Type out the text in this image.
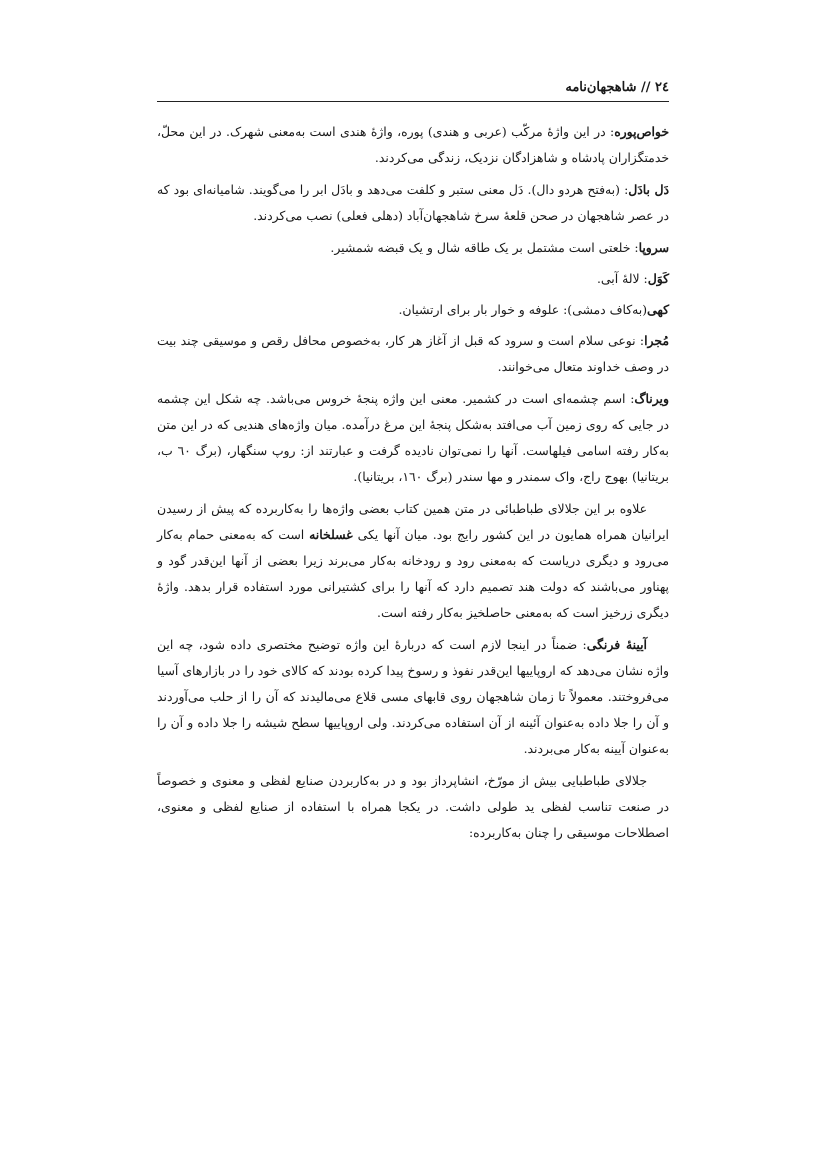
۲٤ // شاهجهان‌نامه

خواص‌پوره: در این واژۀ مرکّب (عربی و هندی) پوره، واژۀ هندی است به‌معنی شهرک. در این محلّ، خدمتگزاران پادشاه و شاهزادگان نزدیک، زندگی می‌کردند.

دَل بادَل: (به‌فتح هردو دال). دَل معنی ستبر و کلفت می‌دهد و بادَل ابر را می‌گویند. شامیانه‌ای بود که در عصر شاهجهان در صحن قلعۀ سرخ شاهجهان‌آباد (دهلی فعلی) نصب می‌کردند.

سروپا: خلعتی است مشتمل بر یک طاقه شال و یک قبضه شمشیر.

کَوَل: لالۀ آبی.

کهی(به‌کاف دمشی): علوفه و خوار بار برای ارتشیان.

مُجرا: نوعی سلام است و سرود که قبل از آغاز هر کار، به‌خصوص محافل رقص و موسیقی چند بیت در وصف خداوند متعال می‌خوانند.

ویرناگ: اسم چشمه‌ای است در کشمیر. معنی این واژه پنجۀ خروس می‌باشد. چه شکل این چشمه در جایی که روی زمین آب می‌افتد به‌شکل پنجۀ این مرغ درآمده. میان واژه‌های هندیی که در این متن به‌کار رفته اسامی فیلهاست. آنها را نمی‌توان نادیده گرفت و عبارتند از: روپ سنگهار، (برگ ٦٠ ب، بریتانیا) بهوج راج، واک سمندر و مها سندر (برگ ١٦٠، بریتانیا).

علاوه بر این جلالای طباطبائی در متن همین کتاب بعضی واژه‌ها را به‌کاربرده که پیش از رسیدن ایرانیان همراه همایون در این کشور رایج بود. میان آنها یکی غسلخانه است که به‌معنی حمام به‌کار می‌رود و دیگری دریاست که به‌معنی رود و رودخانه به‌کار می‌برند زیرا بعضی از آنها این‌قدر گود و پهناور می‌باشند که دولت هند تصمیم دارد که آنها را برای کشتیرانی مورد استفاده قرار بدهد. واژۀ دیگری زرخیز است که به‌معنی حاصلخیز به‌کار رفته است.

آیینۀ فرنگی: ضمناً در اینجا لازم است که دربارۀ این واژه توضیح مختصری داده شود، چه این واژه نشان می‌دهد که اروپاییها این‌قدر نفوذ و رسوخ پیدا کرده بودند که کالای خود را در بازارهای آسیا می‌فروختند. معمولاً تا زمان شاهجهان روی قابهای مسی قلاع می‌مالیدند که آن را از حلب می‌آوردند و آن را جلا داده به‌عنوان آئینه از آن استفاده می‌کردند. ولی اروپاییها سطح شیشه را جلا داده و آن را به‌عنوان آیینه به‌کار می‌بردند.

جلالای طباطبایی بیش از مورّخ، انشاپرداز بود و در به‌کاربردن صنایع لفظی و معنوی و خصوصاً در صنعت تناسب لفظی ید طولی داشت. در یکجا همراه با استفاده از صنایع لفظی و معنوی، اصطلاحات موسیقی را چنان به‌کاربرده:
